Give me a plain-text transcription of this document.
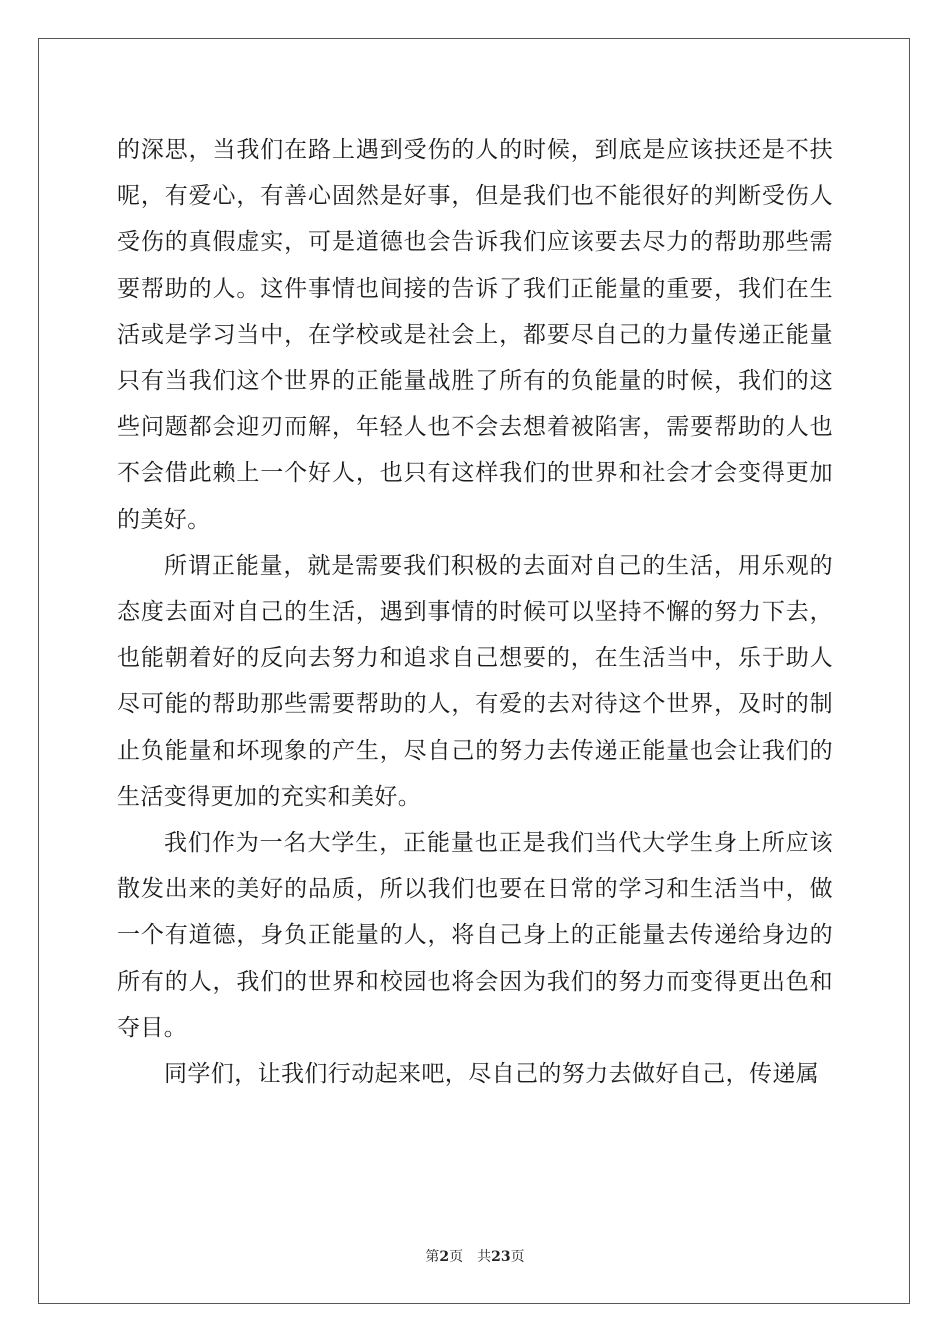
的深思，当我们在路上遇到受伤的人的时候，到底是应该扶还是不扶呢，有爱心，有善心固然是好事，但是我们也不能很好的判断受伤人受伤的真假虚实，可是道德也会告诉我们应该要去尽力的帮助那些需要帮助的人。这件事情也间接的告诉了我们正能量的重要，我们在生活或是学习当中，在学校或是社会上，都要尽自己的力量传递正能量只有当我们这个世界的正能量战胜了所有的负能量的时候，我们的这些问题都会迎刃而解，年轻人也不会去想着被陷害，需要帮助的人也不会借此赖上一个好人，也只有这样我们的世界和社会才会变得更加的美好。

所谓正能量，就是需要我们积极的去面对自己的生活，用乐观的态度去面对自己的生活，遇到事情的时候可以坚持不懈的努力下去，也能朝着好的反向去努力和追求自己想要的，在生活当中，乐于助人尽可能的帮助那些需要帮助的人，有爱的去对待这个世界，及时的制止负能量和坏现象的产生，尽自己的努力去传递正能量也会让我们的生活变得更加的充实和美好。

我们作为一名大学生，正能量也正是我们当代大学生身上所应该散发出来的美好的品质，所以我们也要在日常的学习和生活当中，做一个有道德，身负正能量的人，将自己身上的正能量去传递给身边的所有的人，我们的世界和校园也将会因为我们的努力而变得更出色和夺目。

同学们，让我们行动起来吧，尽自己的努力去做好自己，传递属

第2页 共23页
